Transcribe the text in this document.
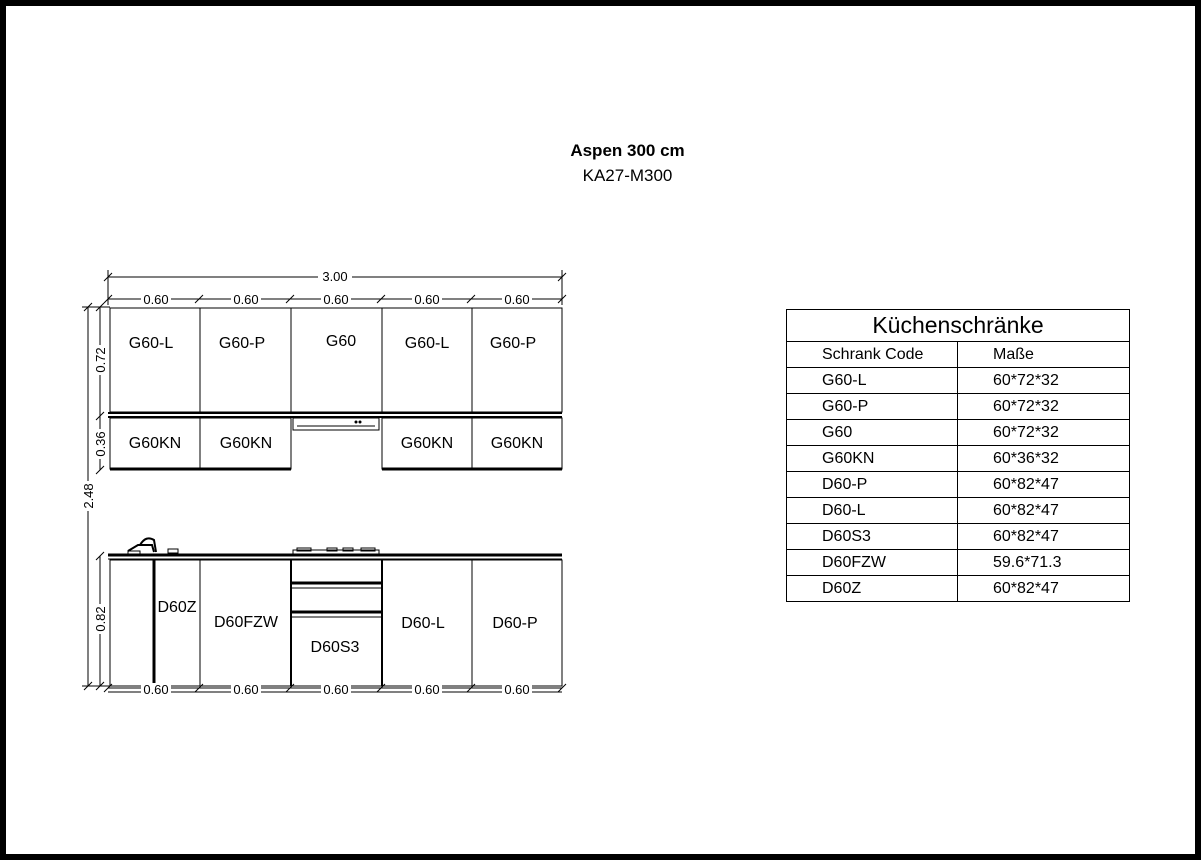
Aspen 300 cm
KA27-M300
3.00
0.60	0.60	0.60	0.60	0.60
0.60	0.60	0.60	0.60	0.60
0.72
0.36
2.48
0.82
G60-L	G60-P	G60	G60-L	G60-P
G60KN G60KN	G60KN G60KN
D60Z
D60FZW
D60S3
D60-L	D60-P
Küchenschränke	
Schrank Code	Maße
G60-L	60*72*32
G60-P	60*72*32
G60	60*72*32
G60KN	60*36*32
D60-P	60*82*47
D60-L	60*82*47
D60S3	60*82*47
D60FZW	59.6*71.3
D60Z	60*82*47
